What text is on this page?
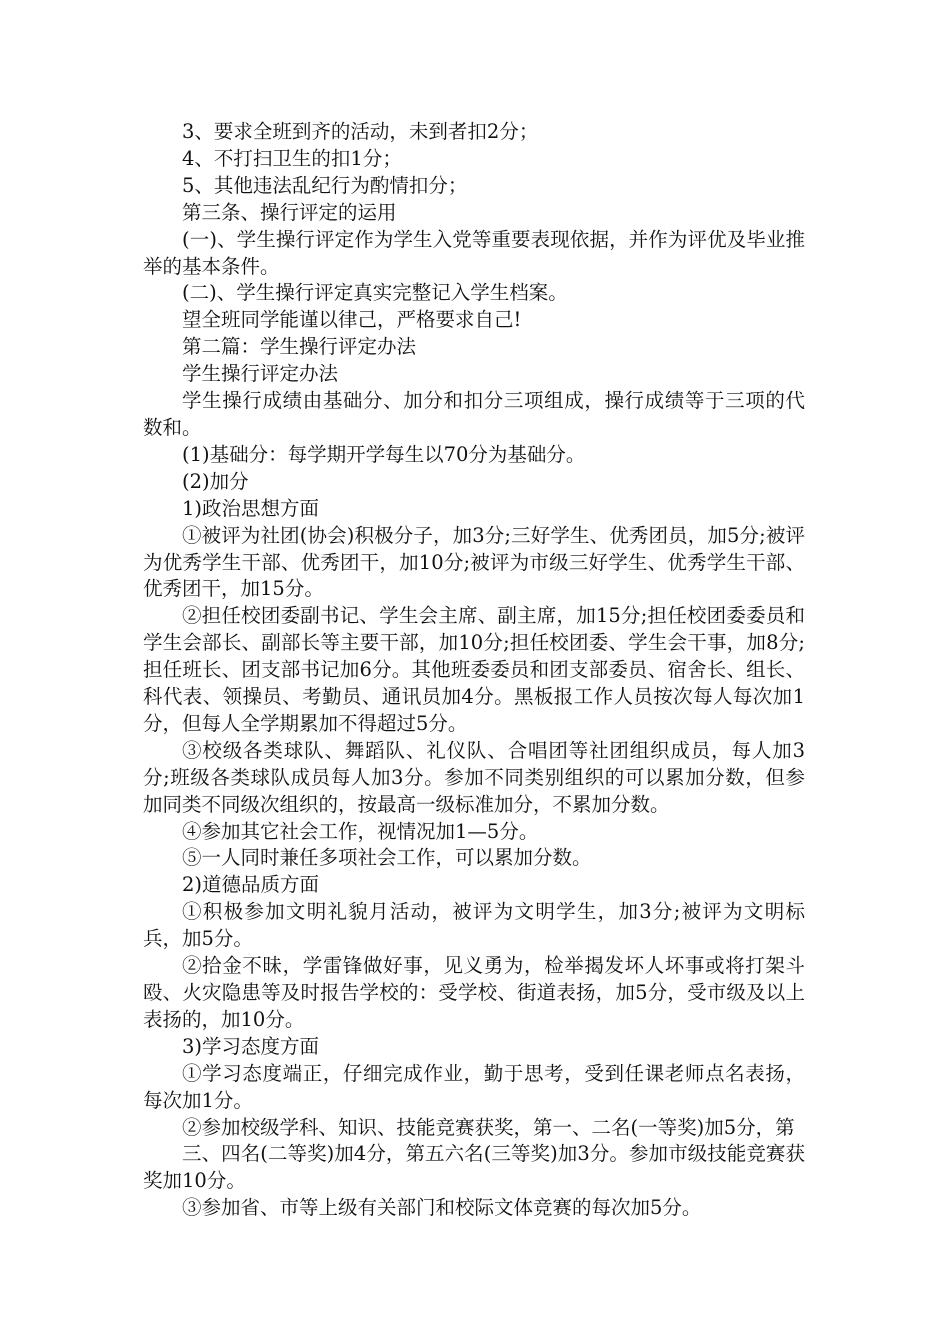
3、要求全班到齐的活动，未到者扣2分；

4、不打扫卫生的扣1分；

5、其他违法乱纪行为酌情扣分；

第三条、操行评定的运用

(一)、学生操行评定作为学生入党等重要表现依据，并作为评优及毕业推举的基本条件。

(二)、学生操行评定真实完整记入学生档案。

望全班同学能谨以律己，严格要求自己!

第二篇：学生操行评定办法

学生操行评定办法

学生操行成绩由基础分、加分和扣分三项组成，操行成绩等于三项的代数和。

(1)基础分：每学期开学每生以70分为基础分。

(2)加分

1)政治思想方面

①被评为社团(协会)积极分子，加3分;三好学生、优秀团员，加5分;被评为优秀学生干部、优秀团干，加10分;被评为市级三好学生、优秀学生干部、优秀团干，加15分。

②担任校团委副书记、学生会主席、副主席，加15分;担任校团委委员和学生会部长、副部长等主要干部，加10分;担任校团委、学生会干事，加8分;担任班长、团支部书记加6分。其他班委委员和团支部委员、宿舍长、组长、科代表、领操员、考勤员、通讯员加4分。黑板报工作人员按次每人每次加1分，但每人全学期累加不得超过5分。

③校级各类球队、舞蹈队、礼仪队、合唱团等社团组织成员，每人加3分;班级各类球队成员每人加3分。参加不同类别组织的可以累加分数，但参加同类不同级次组织的，按最高一级标准加分，不累加分数。

④参加其它社会工作，视情况加1—5分。

⑤一人同时兼任多项社会工作，可以累加分数。

2)道德品质方面

①积极参加文明礼貌月活动，被评为文明学生，加3分;被评为文明标兵，加5分。

②拾金不昧，学雷锋做好事，见义勇为，检举揭发坏人坏事或将打架斗殴、火灾隐患等及时报告学校的：受学校、街道表扬，加5分，受市级及以上表扬的，加10分。

3)学习态度方面

①学习态度端正，仔细完成作业，勤于思考，受到任课老师点名表扬，每次加1分。

②参加校级学科、知识、技能竞赛获奖，第一、二名(一等奖)加5分，第

三、四名(二等奖)加4分，第五六名(三等奖)加3分。参加市级技能竞赛获奖加10分。

③参加省、市等上级有关部门和校际文体竞赛的每次加5分。
